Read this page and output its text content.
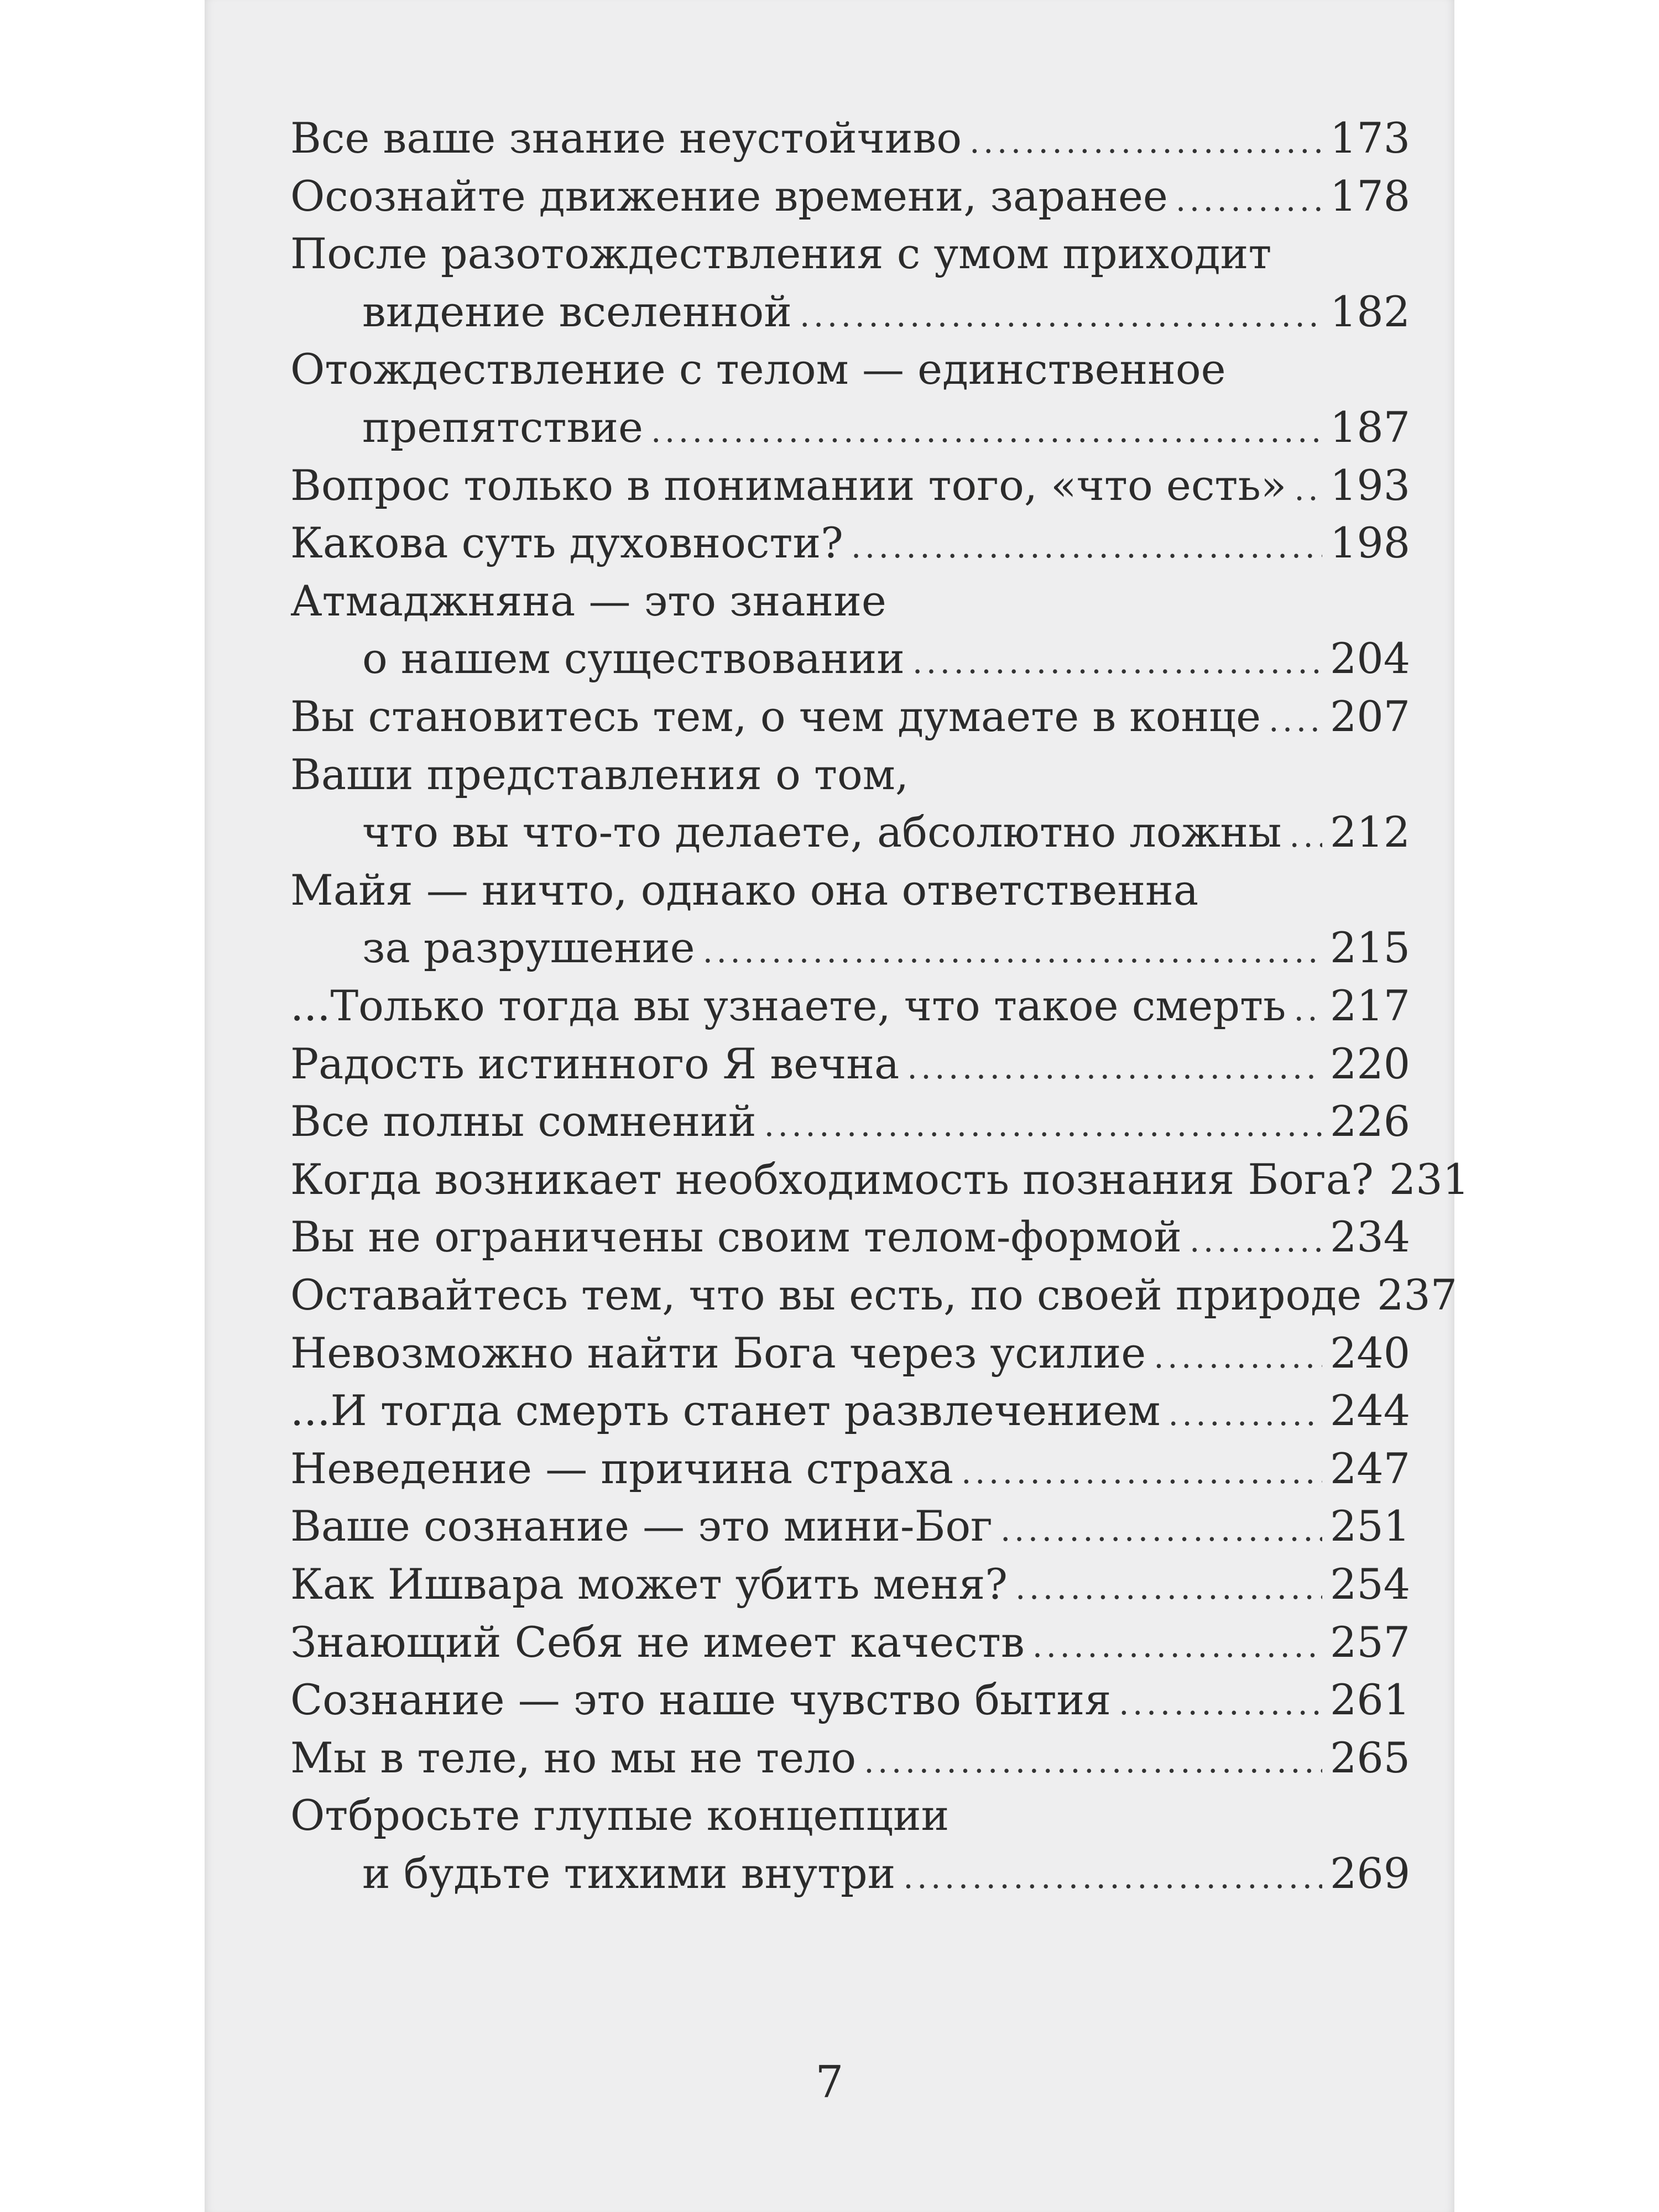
Все ваше знание неустойчиво . . .	173
Осознайте движение времени, заранее . . .	178
После разотождествления с умом приходит
видение вселенной . . .	182
Отождествление с телом — единственное
препятствие . . .	187
Вопрос только в понимании того, «что есть» . . . 193
Какова суть духовности? . . .	198
Атмаджняна — это знание
о нашем существовании . . .	204
Вы становитесь тем, о чем думаете в конце . . . 207
Ваши представления о том,
что вы что-то делаете, абсолютно ложны . . . 212
Майя — ничто, однако она ответственна
за разрушение . . .	215
...Только тогда вы узнаете, что такое смерть . . . 217
Радость истинного Я вечна . . .	220
Все полны сомнений . . .	226
Когда возникает необходимость познания Бога? 231
Вы не ограничены своим телом-формой . . .	234
Оставайтесь тем, что вы есть, по своей природе 237
Невозможно найти Бога через усилие . . .	240
...И тогда смерть станет развлечением . . .	244
Неведение — причина страха . . .	247
Ваше сознание — это мини-Бог . . .	251
Как Ишвара может убить меня? . . .	254
Знающий Себя не имеет качеств . . .	257
Сознание — это наше чувство бытия . . .	261
Мы в теле, но мы не тело . . .	265
Отбросьте глупые концепции
и будьте тихими внутри . . .	269
7
